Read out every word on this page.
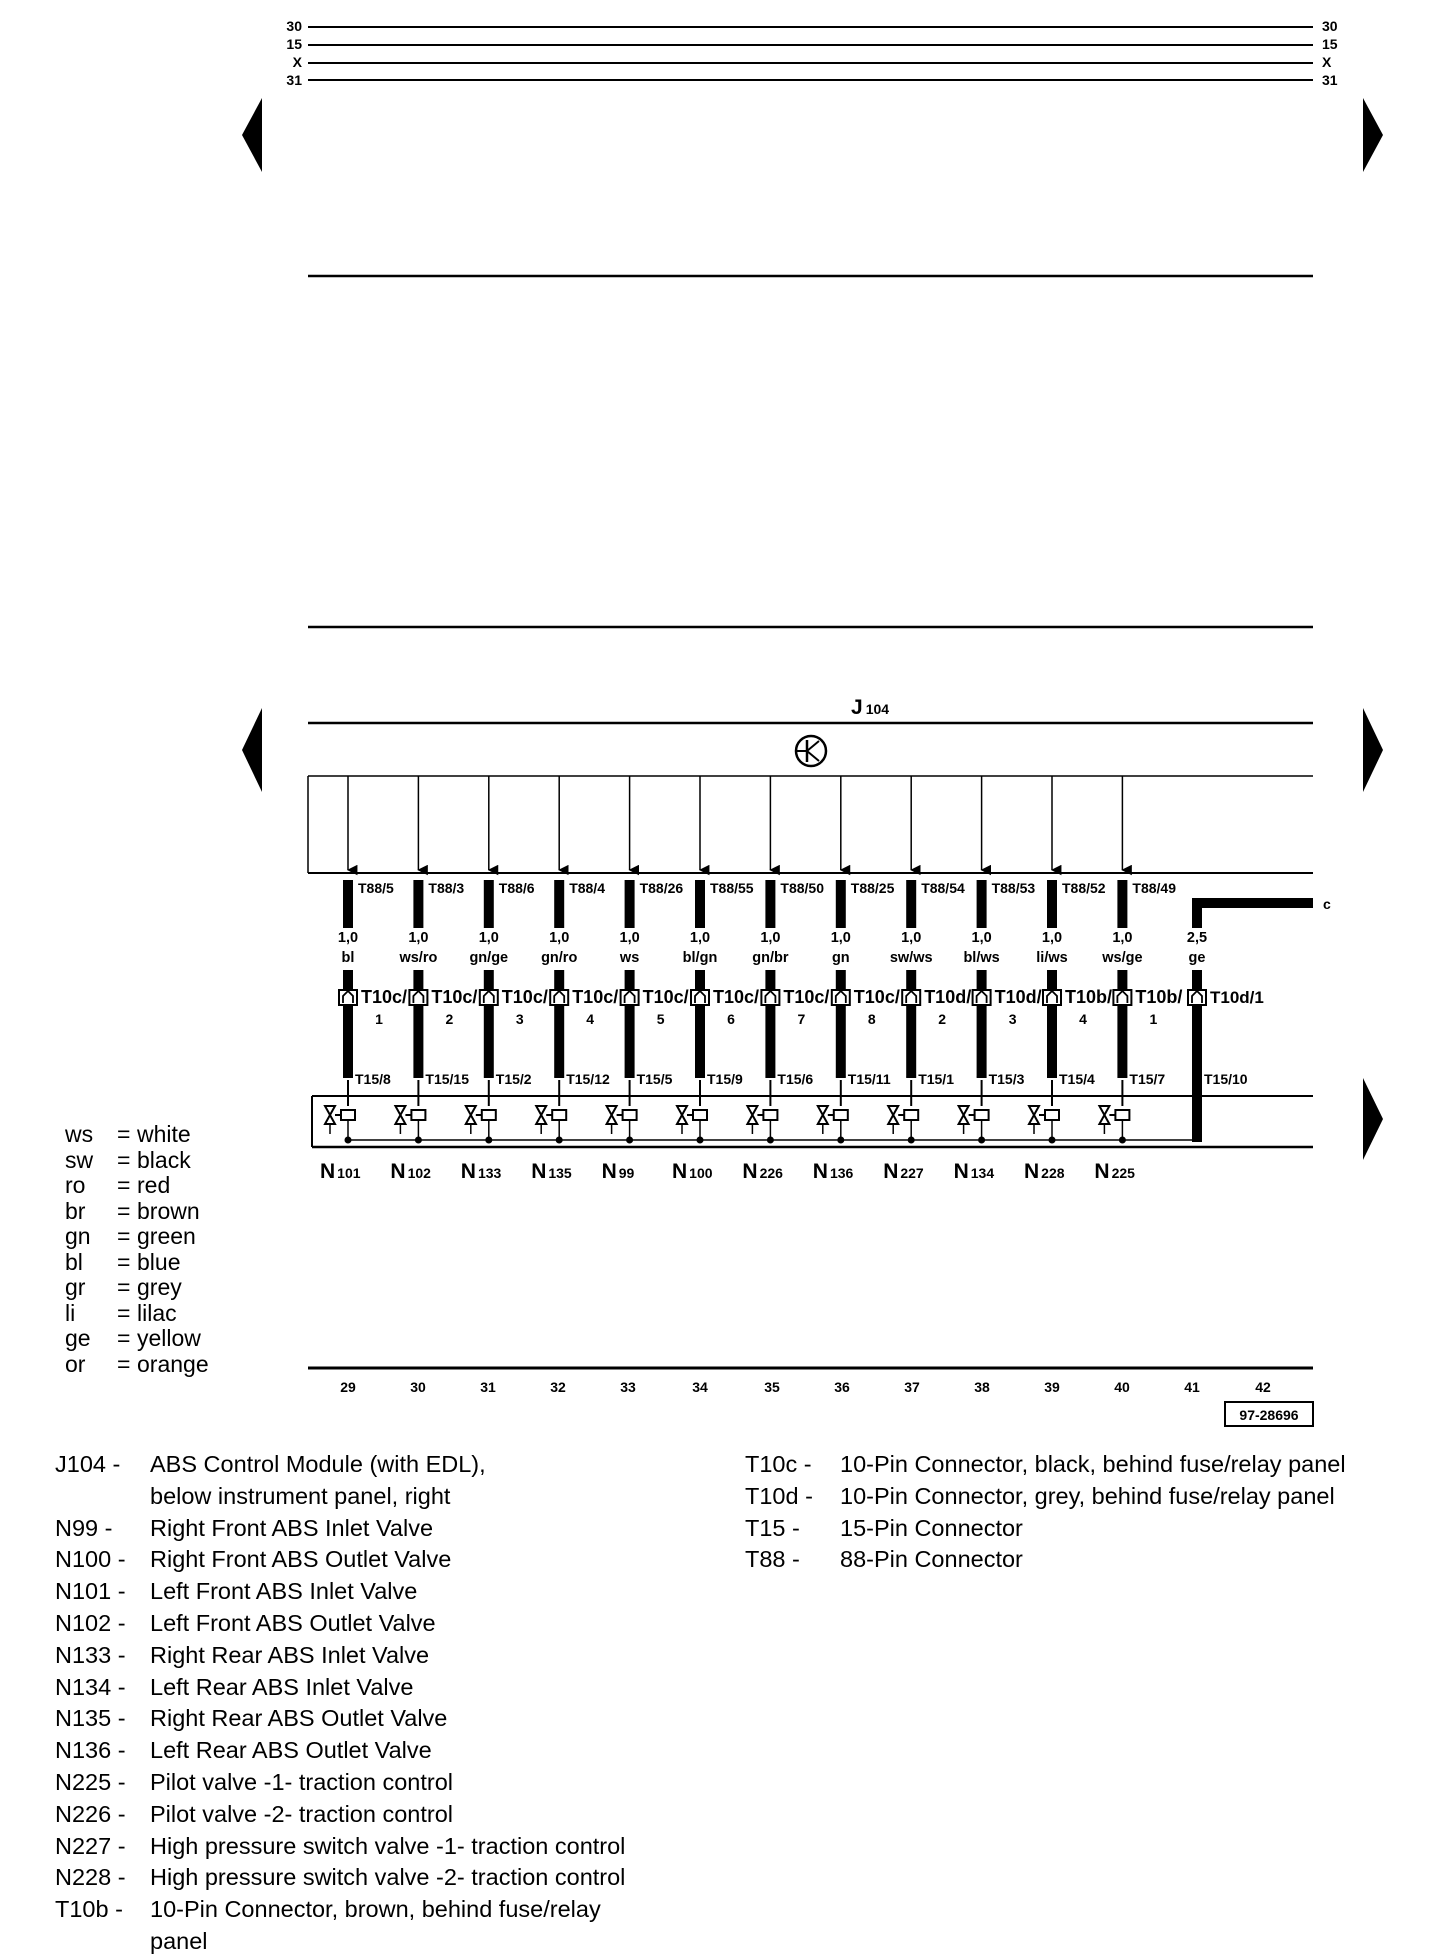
30
15
X
31
30
15
X
31
J 104
c
2,5
ge
T10d/1
T15/10
T88/5
1,0
bl
T10c/
1
T15/8
N 101
T88/3
1,0
ws/ro
T10c/
2
T15/15
N 102
T88/6
1,0
gn/ge
T10c/
3
T15/2
N 133
T88/4
1,0
gn/ro
T10c/
4
T15/12
N 135
T88/26
1,0
ws
T10c/
5
T15/5
N 99
T88/55
1,0
bl/gn
T10c/
6
T15/9
N 100
T88/50
1,0
gn/br
T10c/
7
T15/6
N 226
T88/25
1,0
gn
T10c/
8
T15/11
N 136
T88/54
1,0
sw/ws
T10d/
2
T15/1
N 227
T88/53
1,0
bl/ws
T10d/
3
T15/3
N 134
T88/52
1,0
li/ws
T10b/
4
T15/4
N 228
T88/49
1,0
ws/ge
T10b/
1
T15/7
N 225
29	30	31	32	33	34	35	36	37	38	39	40	41	42
97-28696
ws	= white
sw	= black
ro	= red
br	= brown
gn	= green
bl	= blue
gr	= grey
li	= lilac
ge	= yellow
or	= orange
J104 -	ABS Control Module (with EDL),
below instrument panel, right
N99 -	Right Front ABS Inlet Valve
N100 -	Right Front ABS Outlet Valve
N101 -	Left Front ABS Inlet Valve
N102 -	Left Front ABS Outlet Valve
N133 -	Right Rear ABS Inlet Valve
N134 -	Left Rear ABS Inlet Valve
N135 -	Right Rear ABS Outlet Valve
N136 -	Left Rear ABS Outlet Valve
N225 -	Pilot valve -1- traction control
N226 -	Pilot valve -2- traction control
N227 -	High pressure switch valve -1- traction control
N228 -	High pressure switch valve -2- traction control
T10b -	10-Pin Connector, brown, behind fuse/relay
panel
T10c -	10-Pin Connector, black, behind fuse/relay panel
T10d -	10-Pin Connector, grey, behind fuse/relay panel
T15 -	15-Pin Connector
T88 -	88-Pin Connector
